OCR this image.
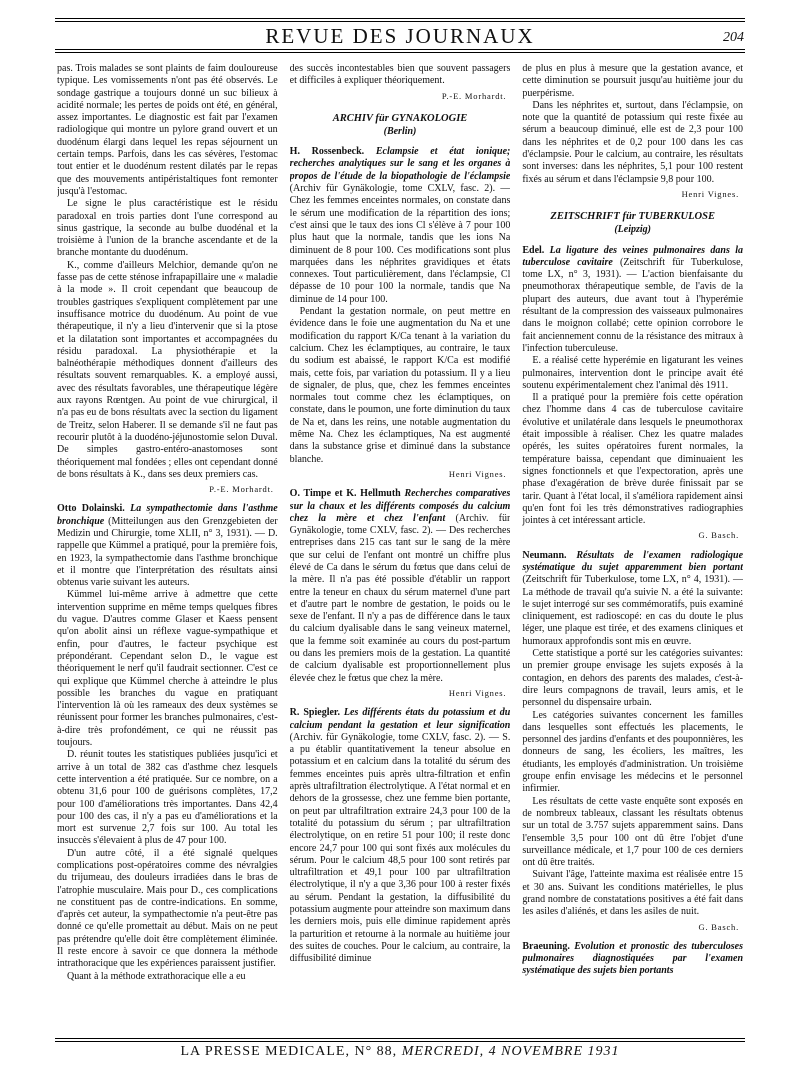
REVUE DES JOURNAUX	204

pas. Trois malades se sont plaints de faim douloureuse typique. Les vomissements n'ont pas été observés. Le sondage gastrique a toujours donné un suc bilieux à acidité normale; les pertes de poids ont été, en général, assez importantes. Le diagnostic est fait par l'examen radiologique qui montre un pylore grand ouvert et un duodénum élargi dans lequel les repas séjournent un certain temps. Parfois, dans les cas sévères, l'estomac tout entier et le duodénum restent dilatés par le repas que des mouvements antipéristaltiques font remonter jusqu'à l'estomac.

Le signe le plus caractéristique est le résidu paradoxal en trois parties dont l'une correspond au sinus gastrique, la seconde au bulbe duodénal et la troisième à l'union de la branche ascendante et de la branche montante du duodénum.

K., comme d'ailleurs Melchior, demande qu'on ne fasse pas de cette sténose infrapapillaire une « maladie à la mode ». Il croit cependant que beaucoup de troubles gastriques s'expliquent complètement par une insuffisance motrice du duodénum. Au point de vue thérapeutique, il n'y a lieu d'intervenir que si la ptose et la dilatation sont importantes et accompagnées du résidu paradoxal. La physiothérapie et la balnéothérapie méthodiques donnent d'ailleurs des résultats souvent remarquables. K. a employé aussi, avec des résultats favorables, une thérapeutique légère aux rayons Rœntgen. Au point de vue chirurgical, il n'a pas eu de bons résultats avec la section du ligament de Treitz, selon Haberer. Il se demande s'il ne faut pas recourir plutôt à la duodéno-jéjunostomie selon Duval. De simples gastro-entéro-anastomoses sont théoriquement mal fondées ; elles ont cependant donné de bons résultats à K., dans ses deux premiers cas.

P.-E. Morhardt.

Otto Dolainski. La sympathectomie dans l'asthme bronchique (Mitteilungen aus den Grenzgebieten der Medizin und Chirurgie, tome XLII, n° 3, 1931). — D. rappelle que Kümmel a pratiqué, pour la première fois, en 1923, la sympathectomie dans l'asthme bronchique et il montre que l'interprétation des résultats ainsi obtenus varie suivant les auteurs.

Kümmel lui-même arrive à admettre que cette intervention supprime en même temps quelques fibres du vague. D'autres comme Glaser et Kaess pensent qu'on abolit ainsi un réflexe vague-sympathique et enfin, pour d'autres, le facteur psychique est prépondérant. Cependant selon D., le vague est théoriquement le nerf qu'il faudrait sectionner. C'est ce qui explique que Kümmel cherche à atteindre le plus possible les branches du vague en pratiquant l'intervention là où les rameaux des deux systèmes se réunissent pour former les branches pulmonaires, c'est-à-dire très profondément, ce qui ne réussit pas toujours.

D. réunit toutes les statistiques publiées jusqu'ici et arrive à un total de 382 cas d'asthme chez lesquels cette intervention a été pratiquée. Sur ce nombre, on a obtenu 31,6 pour 100 de guérisons complètes, 17,2 pour 100 d'améliorations très importantes. Dans 42,4 pour 100 des cas, il n'y a pas eu d'améliorations et la mort est survenue 2,7 fois sur 100. Au total les insuccès s'élevaient à plus de 47 pour 100.

D'un autre côté, il a été signalé quelques complications post-opératoires comme des névralgies du trijumeau, des douleurs irradiées dans le bras de l'atrophie musculaire. Mais pour D., ces complications ne constituent pas de contre-indications. En somme, d'après cet auteur, la sympathectomie n'a peut-être pas donné ce qu'elle promettait au début. Mais on ne peut pas prétendre qu'elle doit être complètement éliminée. Il reste encore à savoir ce que donnera la méthode intrathoracique que les expériences paraissent justifier.

Quant à la méthode extrathoracique elle a eu

des succès incontestables bien que souvent passagers et difficiles à expliquer théoriquement.

P.-E. Morhardt.
ARCHIV für GYNAKOLOGIE
(Berlin)

H. Rossenbeck. Eclampsie et état ionique; recherches analytiques sur le sang et les organes à propos de l'étude de la biopathologie de l'éclampsie (Archiv für Gynäkologie, tome CXLV, fasc. 2). — Chez les femmes enceintes normales, on constate dans le sérum une modification de la répartition des ions; c'est ainsi que le taux des ions Cl s'élève à 7 pour 100 plus haut que la normale, tandis que les ions Na diminuent de 8 pour 100. Ces modifications sont plus marquées dans les néphrites gravidiques et états connexes. Tout particulièrement, dans l'éclampsie, Cl dépasse de 10 pour 100 la normale, tandis que Na diminue de 14 pour 100.

Pendant la gestation normale, on peut mettre en évidence dans le foie une augmentation du Na et une modification du rapport K/Ca tenant à la variation du calcium. Chez les éclamptiques, au contraire, le taux du sodium est abaissé, le rapport K/Ca est modifié mais, cette fois, par variation du potassium. Il y a lieu de signaler, de plus, que, chez les femmes enceintes normales tout comme chez les éclamptiques, on constate, dans le poumon, une forte diminution du taux de Na et, dans les reins, une notable augmentation du même Na. Chez les éclamptiques, Na est augmenté dans la substance grise et diminué dans la substance blanche.

Henri Vignes.

O. Timpe et K. Hellmuth Recherches comparatives sur la chaux et les différents composés du calcium chez la mère et chez l'enfant (Archiv. für Gynäkologie, tome CXLV, fasc. 2). — Des recherches entreprises dans 215 cas tant sur le sang de la mère que sur celui de l'enfant ont montré un chiffre plus élevé de Ca dans le sérum du fœtus que dans celui de la mère. Il n'a pas été possible d'établir un rapport entre la teneur en chaux du sérum maternel d'une part et d'autre part le nombre de gestation, le poids ou le sexe de l'enfant. Il n'y a pas de différence dans le taux du calcium dyalisable dans le sang veineux maternel, que la femme soit examinée au cours du post-partum ou dans les premiers mois de la gestation. La quantité de calcium dyalisable est proportionnellement plus élevée chez le fœtus que chez la mère.

Henri Vignes.

R. Spiegler. Les différents états du potassium et du calcium pendant la gestation et leur signification (Archiv. für Gynäkologie, tome CXLV, fasc. 2). — S. a pu établir quantitativement la teneur absolue en potassium et en calcium dans la totalité du sérum des femmes enceintes puis après ultra-filtration et enfin après ultrafiltration électrolytique. A l'état normal et en dehors de la grossesse, chez une femme bien portante, on peut par ultrafiltration extraire 24,3 pour 100 de la totalité du potassium du sérum ; par ultrafiltration électrolytique, on en retire 51 pour 100; il reste donc encore 24,7 pour 100 qui sont fixés aux molécules du sérum. Pour le calcium 48,5 pour 100 sont retirés par ultrafiltration et 49,1 pour 100 par ultrafiltration électrolytique, il n'y a que 3,36 pour 100 à rester fixés au sérum. Pendant la gestation, la diffusibilité du potassium augmente pour atteindre son maximum dans les derniers mois, puis elle diminue rapidement après la parturition et retourne à la normale au huitième jour des suites de couches. Pour le calcium, au contraire, la diffusibilité diminue

de plus en plus à mesure que la gestation avance, et cette diminution se poursuit jusqu'au huitième jour du puerpérisme.

Dans les néphrites et, surtout, dans l'éclampsie, on note que la quantité de potassium qui reste fixée au sérum a beaucoup diminué, elle est de 2,3 pour 100 dans les néphrites et de 0,2 pour 100 dans les cas d'éclampsie. Pour le calcium, au contraire, les résultats sont inverses: dans les néphrites, 5,1 pour 100 restent fixés au sérum et dans l'éclampsie 9,8 pour 100.

Henri Vignes.
ZEITSCHRIFT für TUBERKULOSE
(Leipzig)

Edel. La ligature des veines pulmonaires dans la tuberculose cavitaire (Zeitschrift für Tuberkulose, tome LX, n° 3, 1931). — L'action bienfaisante du pneumothorax thérapeutique semble, de l'avis de la plupart des auteurs, due avant tout à l'hyperémie résultant de la compression des vaisseaux pulmonaires dans le moignon collabé; cette opinion corrobore le fait anciennement connu de la résistance des mitraux à l'infection tuberculeuse.

E. a réalisé cette hyperémie en ligaturant les veines pulmonaires, intervention dont le principe avait été soutenu expérimentalement chez l'animal dès 1911.

Il a pratiqué pour la première fois cette opération chez l'homme dans 4 cas de tuberculose cavitaire évolutive et unilatérale dans lesquels le pneumothorax était impossible à réaliser. Chez les quatre malades opérés, les suites opératoires furent normales, la température baissa, cependant que diminuaient les signes fonctionnels et que l'expectoration, après une phase d'exagération de brève durée finissait par se tarir. Quant à l'état local, il s'améliora rapidement ainsi qu'en font foi les très démonstratives radiographies jointes à cet intéressant article.

G. Basch.

Neumann. Résultats de l'examen radiologique systématique du sujet apparemment bien portant (Zeitschrift für Tuberkulose, tome LX, n° 4, 1931). — La méthode de travail qu'a suivie N. a été la suivante: le sujet interrogé sur ses commémoratifs, puis examiné cliniquement, est radioscopé: en cas du doute le plus léger, une plaque est tirée, et des examens cliniques et humoraux approfondis sont mis en œuvre.

Cette statistique a porté sur les catégories suivantes: un premier groupe envisage les sujets exposés à la contagion, en dehors des parents des malades, c'est-à-dire leurs compagnons de travail, leurs amis, et le personnel du dispensaire urbain.

Les catégories suivantes concernent les familles dans lesquelles sont effectués les placements, le personnel des jardins d'enfants et des pouponnières, les donneurs de sang, les écoliers, les maîtres, les étudiants, les employés d'administration. Un troisième groupe enfin envisage les médecins et le personnel infirmier.

Les résultats de cette vaste enquête sont exposés en de nombreux tableaux, classant les résultats obtenus sur un total de 3.757 sujets apparemment sains. Dans l'ensemble 3,5 pour 100 ont dû être l'objet d'une surveillance médicale, et 1,7 pour 100 de ces derniers ont dû être traités.

Suivant l'âge, l'atteinte maxima est réalisée entre 15 et 30 ans. Suivant les conditions matérielles, le plus grand nombre de constatations positives a été fait dans les asiles d'aliénés, et dans les asiles de nuit.

G. Basch.

Braeuning. Evolution et pronostic des tuberculoses pulmonaires diagnostiquées par l'examen systématique des sujets bien portants

LA PRESSE MEDICALE, N° 88, MERCREDI, 4 NOVEMBRE 1931
